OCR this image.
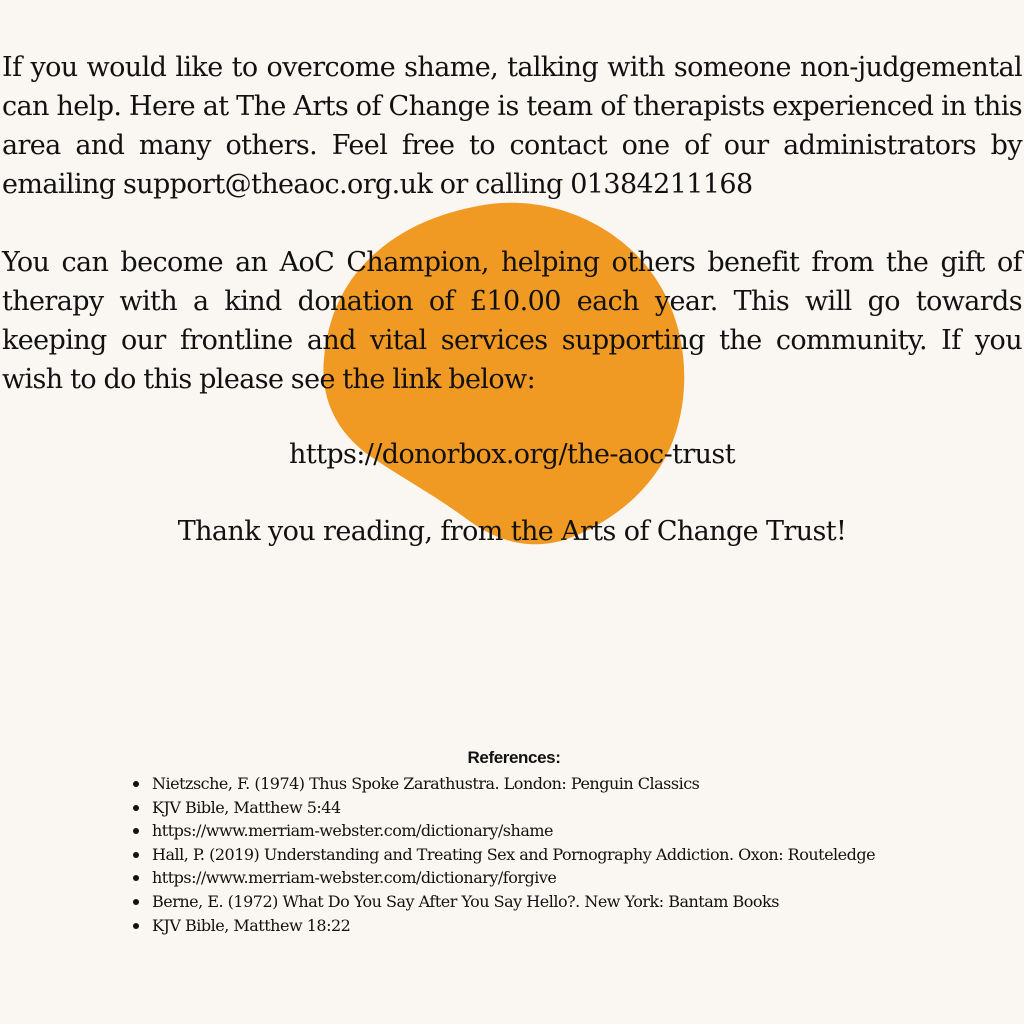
If you would like to overcome shame, talking with someone non-judgemental can help. Here at The Arts of Change is team of therapists experienced in this area and many others. Feel free to contact one of our administrators by emailing support@theaoc.org.uk or calling 01384211168

You can become an AoC Champion, helping others benefit from the gift of therapy with a kind donation of £10.00 each year. This will go towards keeping our frontline and vital services supporting the community. If you wish to do this please see the link below:

https://donorbox.org/the-aoc-trust
Thank you reading, from the Arts of Change Trust!
References:
Nietzsche, F. (1974) Thus Spoke Zarathustra. London: Penguin Classics
KJV Bible, Matthew 5:44
https://www.merriam-webster.com/dictionary/shame
Hall, P. (2019) Understanding and Treating Sex and Pornography Addiction. Oxon: Routeledge
https://www.merriam-webster.com/dictionary/forgive
Berne, E. (1972) What Do You Say After You Say Hello?. New York: Bantam Books
KJV Bible, Matthew 18:22
